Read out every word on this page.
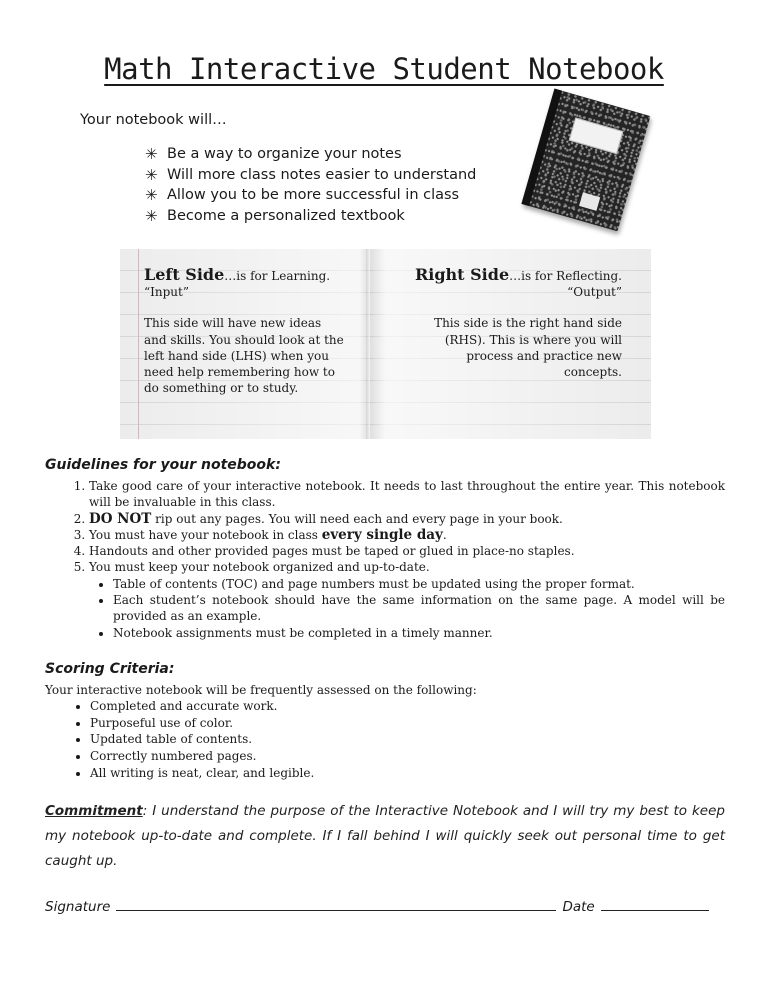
Math Interactive Student Notebook
Your notebook will…
✳ Be a way to organize your notes
✳ Will more class notes easier to understand
✳ Allow you to be more successful in class
✳ Become a personalized textbook
Left Side…is for Learning.
“Input”
This side will have new ideas and skills. You should look at the left hand side (LHS) when you need help remembering how to do something or to study.
Right Side…is for Reflecting.
“Output”
This side is the right hand side (RHS). This is where you will process and practice new concepts.
Guidelines for your notebook:
1. Take good care of your interactive notebook. It needs to last throughout the entire year. This notebook will be invaluable in this class.
2. DO NOT rip out any pages. You will need each and every page in your book.
3. You must have your notebook in class every single day.
4. Handouts and other provided pages must be taped or glued in place-no staples.
5. You must keep your notebook organized and up-to-date.
• Table of contents (TOC) and page numbers must be updated using the proper format.
• Each student’s notebook should have the same information on the same page. A model will be provided as an example.
• Notebook assignments must be completed in a timely manner.
Scoring Criteria:
Your interactive notebook will be frequently assessed on the following:
• Completed and accurate work.
• Purposeful use of color.
• Updated table of contents.
• Correctly numbered pages.
• All writing is neat, clear, and legible.
Commitment: I understand the purpose of the Interactive Notebook and I will try my best to keep my notebook up-to-date and complete. If I fall behind I will quickly seek out personal time to get caught up.
Signature	Date
